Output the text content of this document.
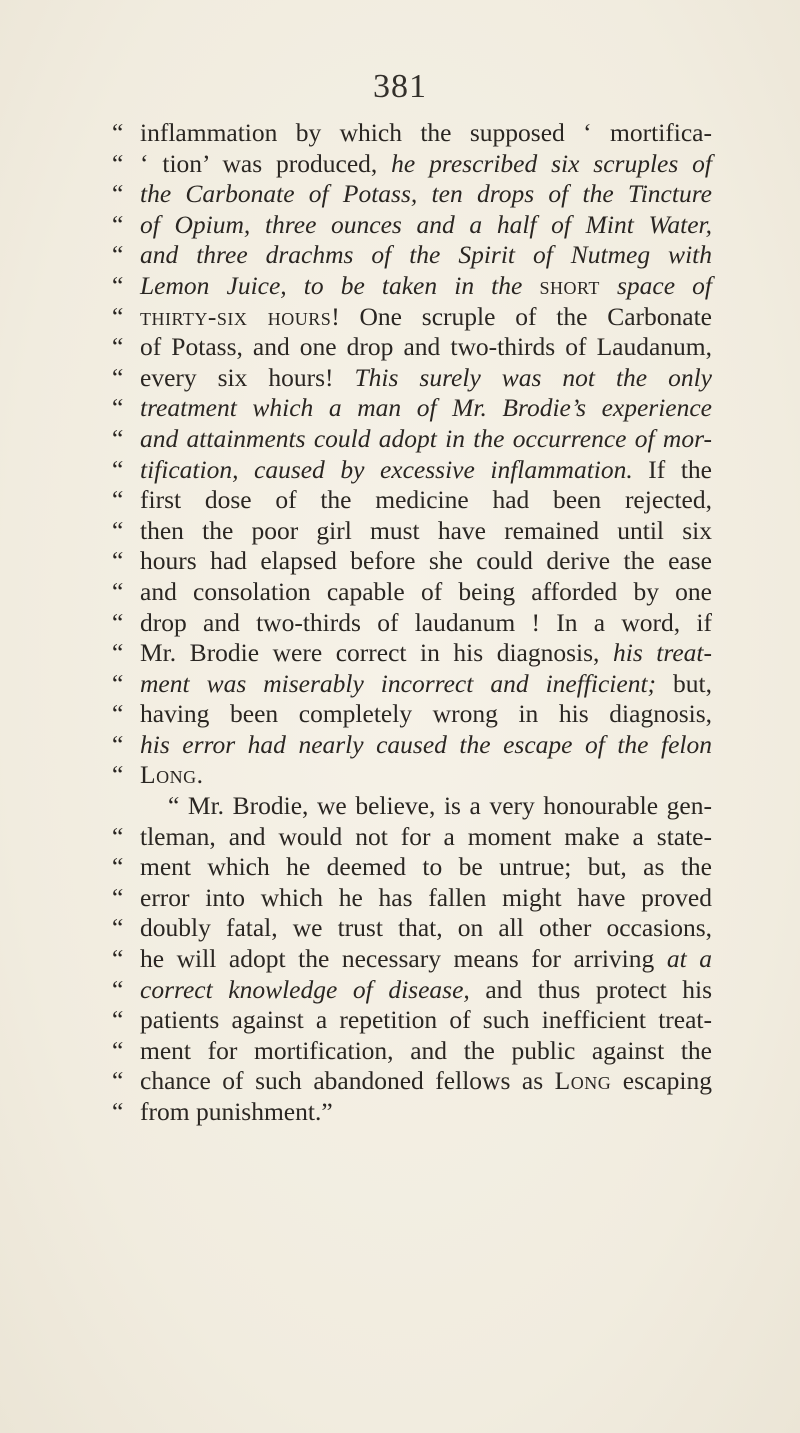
381
“ inflammation by which the supposed ‘ mortifica-
“ ‘ tion’ was produced, he prescribed six scruples of
“ the Carbonate of Potass, ten drops of the Tincture
“ of Opium, three ounces and a half of Mint Water,
“ and three drachms of the Spirit of Nutmeg with
“ Lemon Juice, to be taken in the short space of
“ thirty-six hours! One scruple of the Carbonate
“ of Potass, and one drop and two-thirds of Laudanum,
“ every six hours! This surely was not the only
“ treatment which a man of Mr. Brodie’s experience
“ and attainments could adopt in the occurrence of mor-
“ tification, caused by excessive inflammation. If the
“ first dose of the medicine had been rejected,
“ then the poor girl must have remained until six
“ hours had elapsed before she could derive the ease
“ and consolation capable of being afforded by one
“ drop and two-thirds of laudanum ! In a word, if
“ Mr. Brodie were correct in his diagnosis, his treat-
“ ment was miserably incorrect and inefficient; but,
“ having been completely wrong in his diagnosis,
“ his error had nearly caused the escape of the felon
“ Long.
“ Mr. Brodie, we believe, is a very honourable gen-
“ tleman, and would not for a moment make a state-
“ ment which he deemed to be untrue; but, as the
“ error into which he has fallen might have proved
“ doubly fatal, we trust that, on all other occasions,
“ he will adopt the necessary means for arriving at a
“ correct knowledge of disease, and thus protect his
“ patients against a repetition of such inefficient treat-
“ ment for mortification, and the public against the
“ chance of such abandoned fellows as Long escaping
“ from punishment.”
